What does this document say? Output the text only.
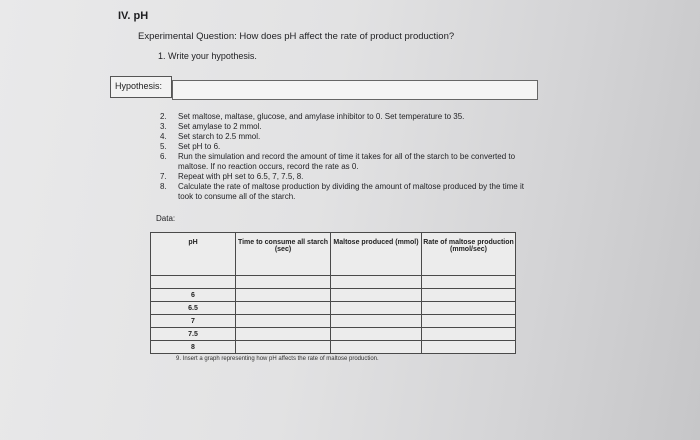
IV. pH
Experimental Question: How does pH affect the rate of product production?
1. Write your hypothesis.
Hypothesis:
2.	Set maltose, maltase, glucose, and amylase inhibitor to 0. Set temperature to 35.
3.	Set amylase to 2 mmol.
4.	Set starch to 2.5 mmol.
5.	Set pH to 6.
6.	Run the simulation and record the amount of time it takes for all of the starch to be converted to maltose. If no reaction occurs, record the rate as 0.
7.	Repeat with pH set to 6.5, 7, 7.5, 8.
8.	Calculate the rate of maltose production by dividing the amount of maltose produced by the time it took to consume all of the starch.
Data:
pH	Time to consume all starch (sec)	Maltose produced (mmol)	Rate of maltose production (mmol/sec)

6			
6.5			
7			
7.5			
8			
9. Insert a graph representing how pH affects the rate of maltose production.
